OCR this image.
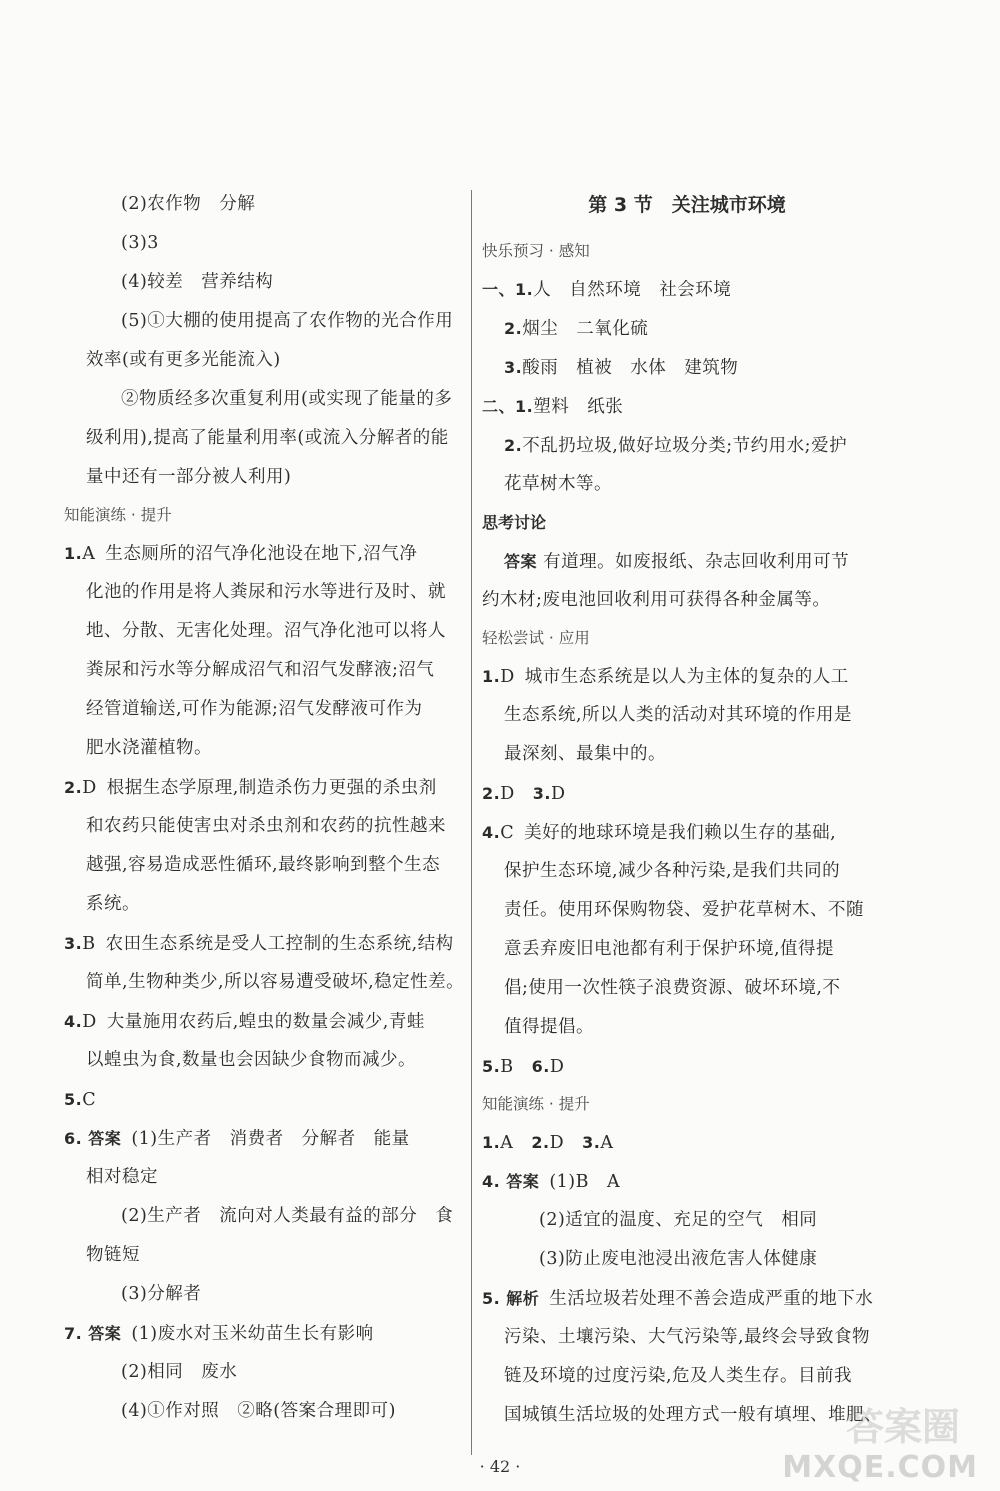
(2)农作物　分解
(3)3
(4)较差　营养结构
(5)①大棚的使用提高了农作物的光合作用
效率(或有更多光能流入)
②物质经多次重复利用(或实现了能量的多
级利用),提高了能量利用率(或流入分解者的能
量中还有一部分被人利用)
知能演练 · 提升
1.A 生态厕所的沼气净化池设在地下,沼气净
化池的作用是将人粪尿和污水等进行及时、就
地、分散、无害化处理。沼气净化池可以将人
粪尿和污水等分解成沼气和沼气发酵液;沼气
经管道输送,可作为能源;沼气发酵液可作为
肥水浇灌植物。
2.D 根据生态学原理,制造杀伤力更强的杀虫剂
和农药只能使害虫对杀虫剂和农药的抗性越来
越强,容易造成恶性循环,最终影响到整个生态
系统。
3.B 农田生态系统是受人工控制的生态系统,结构
简单,生物种类少,所以容易遭受破坏,稳定性差。
4.D 大量施用农药后,蝗虫的数量会减少,青蛙
以蝗虫为食,数量也会因缺少食物而减少。
5.C
6. 答案 (1)生产者　消费者　分解者　能量
相对稳定
(2)生产者　流向对人类最有益的部分　食
物链短
(3)分解者
7. 答案 (1)废水对玉米幼苗生长有影响
(2)相同　废水
(4)①作对照　②略(答案合理即可)
第 3 节　关注城市环境
快乐预习 · 感知
一、1.人　自然环境　社会环境
2.烟尘　二氧化硫
3.酸雨　植被　水体　建筑物
二、1.塑料　纸张
2.不乱扔垃圾,做好垃圾分类;节约用水;爱护
花草树木等。
思考讨论
答案 有道理。如废报纸、杂志回收利用可节
约木材;废电池回收利用可获得各种金属等。
轻松尝试 · 应用
1.D 城市生态系统是以人为主体的复杂的人工
生态系统,所以人类的活动对其环境的作用是
最深刻、最集中的。
2.D　 3.D
4.C 美好的地球环境是我们赖以生存的基础,
保护生态环境,减少各种污染,是我们共同的
责任。使用环保购物袋、爱护花草树木、不随
意丢弃废旧电池都有利于保护环境,值得提
倡;使用一次性筷子浪费资源、破坏环境,不
值得提倡。
5.B　 6.D
知能演练 · 提升
1.A　 2.D　 3.A
4. 答案 (1)B　A
(2)适宜的温度、充足的空气　相同
(3)防止废电池浸出液危害人体健康
5. 解析 生活垃圾若处理不善会造成严重的地下水
污染、土壤污染、大气污染等,最终会导致食物
链及环境的过度污染,危及人类生存。目前我
国城镇生活垃圾的处理方式一般有填埋、堆肥、
· 42 ·
答案圈
MXQE.COM
